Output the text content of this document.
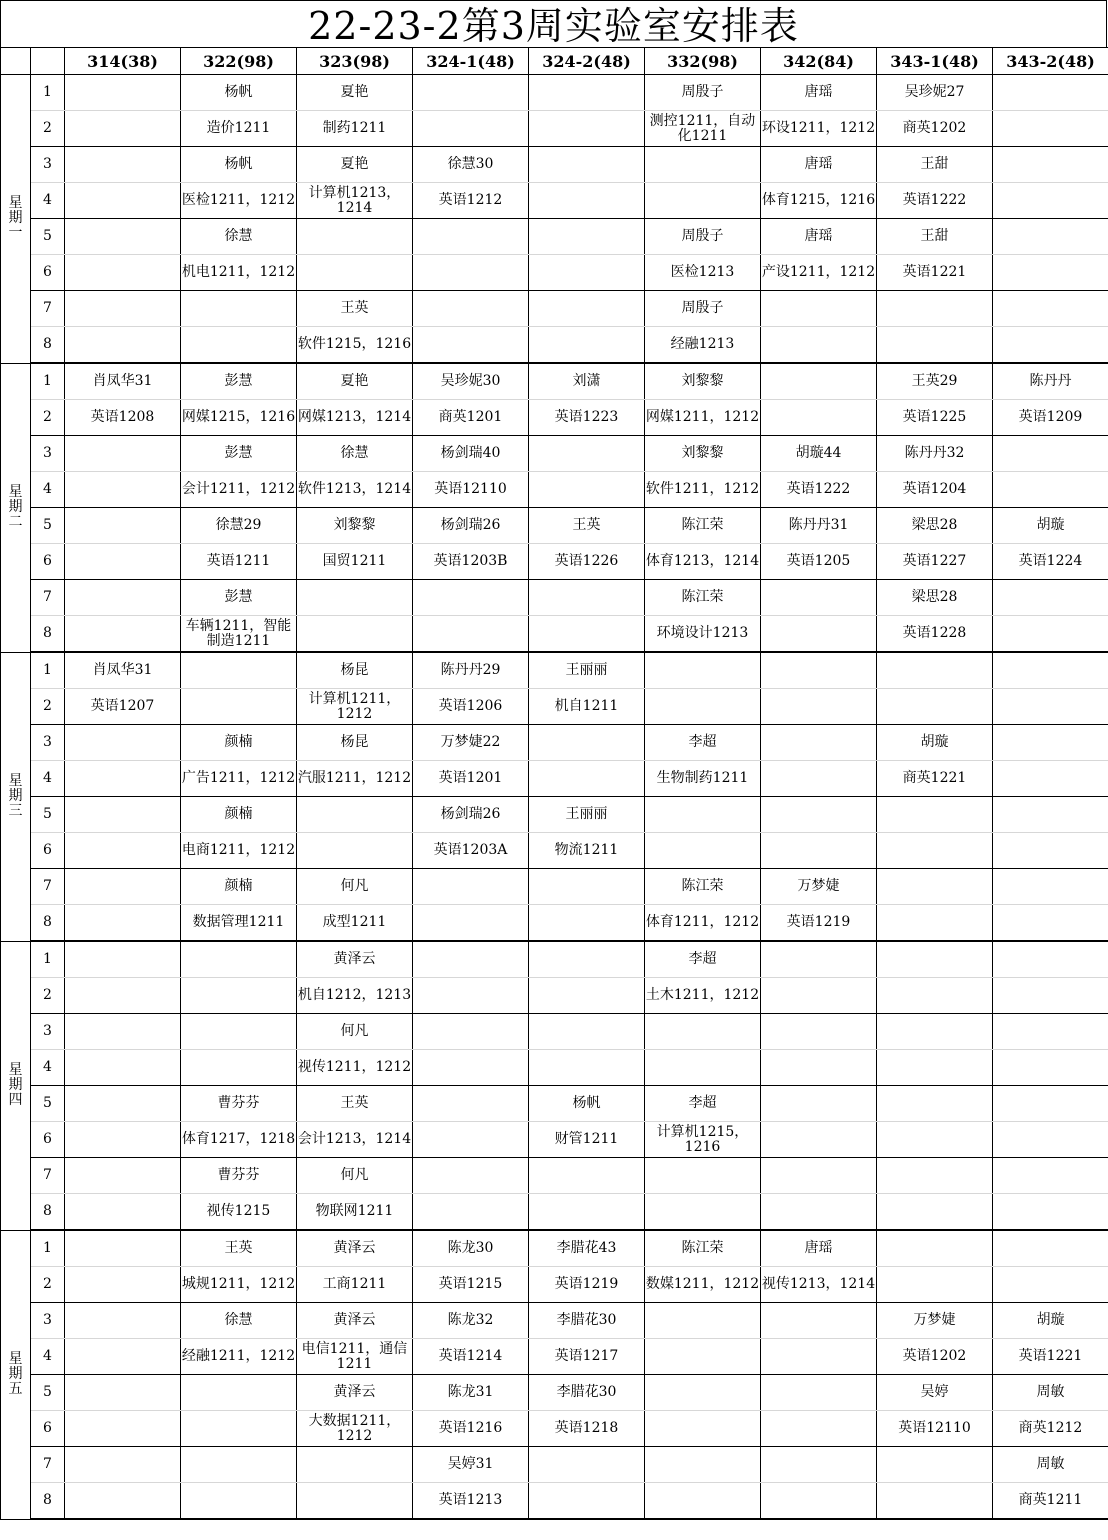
22-23-2第3周实验室安排表
		314(38)	322(98)	323(98)	324-1(48)	324-2(48)	332(98)	342(84)	343-1(48)	343-2(48)

星
期
一	1		杨帆	夏艳			周殷子	唐瑶	吴珍妮27	
	2		造价1211	制药1211			测控1211，自动化1211	环设1211，1212	商英1202	
	3		杨帆	夏艳	徐慧30			唐瑶	王甜	
	4		医检1211，1212	计算机1213，1214	英语1212			体育1215，1216	英语1222	
	5		徐慧				周殷子	唐瑶	王甜	
	6		机电1211，1212				医检1213	产设1211，1212	英语1221	
	7			王英			周殷子			
	8			软件1215，1216			经融1213			

星
期
二	1	肖凤华31	彭慧	夏艳	吴珍妮30	刘潇	刘黎黎		王英29	陈丹丹
	2	英语1208	网媒1215，1216	网媒1213，1214	商英1201	英语1223	网媒1211，1212		英语1225	英语1209
	3		彭慧	徐慧	杨剑瑞40		刘黎黎	胡璇44	陈丹丹32	
	4		会计1211，1212	软件1213，1214	英语12110		软件1211，1212	英语1222	英语1204	
	5		徐慧29	刘黎黎	杨剑瑞26	王英	陈江荣	陈丹丹31	梁思28	胡璇
	6		英语1211	国贸1211	英语1203B	英语1226	体育1213，1214	英语1205	英语1227	英语1224
	7		彭慧				陈江荣		梁思28	
	8		车辆1211，智能制造1211				环境设计1213		英语1228	

星
期
三	1	肖凤华31		杨昆	陈丹丹29	王丽丽				
	2	英语1207		计算机1211，1212	英语1206	机自1211				
	3		颜楠	杨昆	万梦婕22		李超		胡璇	
	4		广告1211，1212	汽服1211，1212	英语1201		生物制药1211		商英1221	
	5		颜楠		杨剑瑞26	王丽丽				
	6		电商1211，1212		英语1203A	物流1211				
	7		颜楠	何凡			陈江荣	万梦婕		
	8		数据管理1211	成型1211			体育1211，1212	英语1219		

星
期
四	1			黄泽云			李超			
	2			机自1212，1213			土木1211，1212			
	3			何凡						
	4			视传1211，1212						
	5		曹芬芬	王英		杨帆	李超			
	6		体育1217，1218	会计1213，1214		财管1211	计算机1215，1216			
	7		曹芬芬	何凡						
	8		视传1215	物联网1211						

星
期
五	1		王英	黄泽云	陈龙30	李腊花43	陈江荣	唐瑶		
	2		城规1211，1212	工商1211	英语1215	英语1219	数媒1211，1212	视传1213，1214		
	3		徐慧	黄泽云	陈龙32	李腊花30			万梦婕	胡璇
	4		经融1211，1212	电信1211，通信1211	英语1214	英语1217			英语1202	英语1221
	5			黄泽云	陈龙31	李腊花30			吴婷	周敏
	6			大数据1211，1212	英语1216	英语1218			英语12110	商英1212
	7				吴婷31					周敏
	8				英语1213					商英1211
